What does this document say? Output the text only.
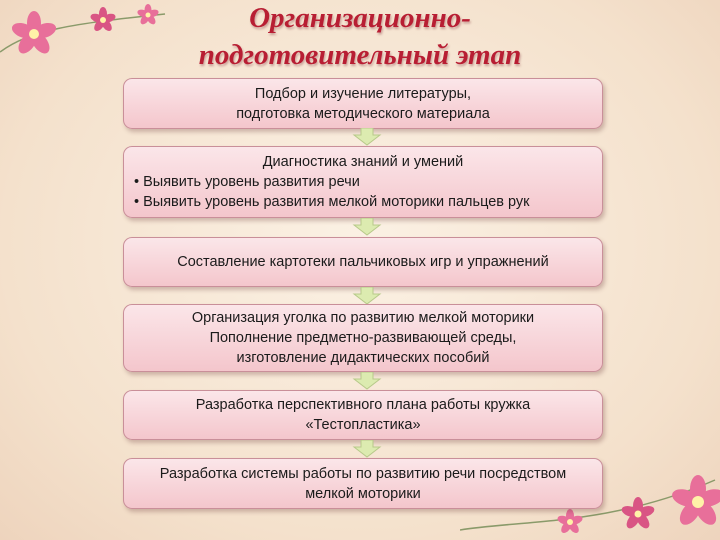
Организационно-
подготовительный этап
Подбор и изучение литературы,
подготовка методического материала
Диагностика знаний и умений
• Выявить уровень развития речи
• Выявить уровень развития мелкой моторики пальцев рук
Составление картотеки пальчиковых игр и упражнений
Организация уголка по развитию мелкой моторики
Пополнение предметно-развивающей среды,
изготовление дидактических пособий
Разработка перспективного плана работы кружка
«Тестопластика»
Разработка системы работы по развитию речи посредством
мелкой моторики
